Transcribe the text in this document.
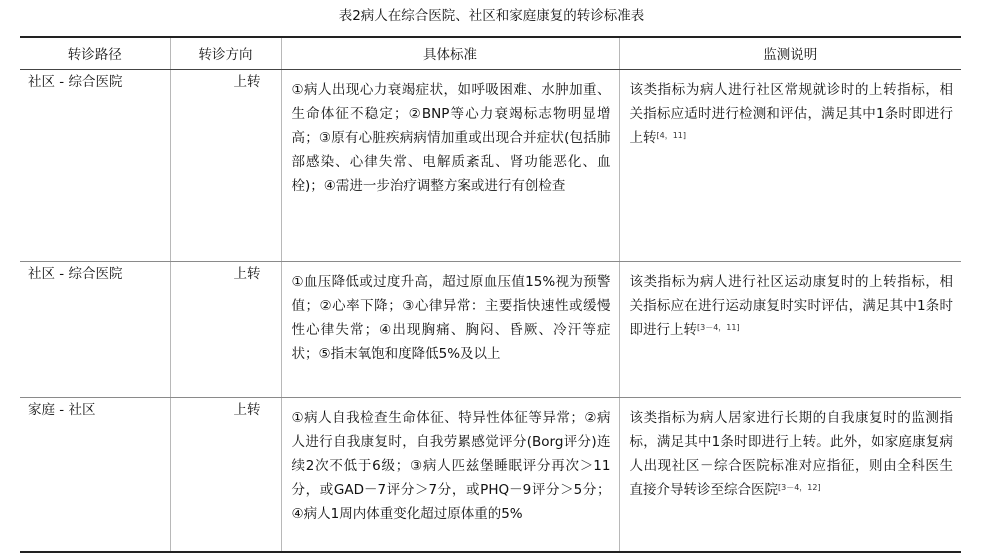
表2病人在综合医院、社区和家庭康复的转诊标准表
转诊路径	转诊方向	具体标准	监测说明

社区 - 综合医院	上转	①病人出现心力衰竭症状，如呼吸困难、水肿加重、生命体征不稳定；②BNP等心力衰竭标志物明显增高；③原有心脏疾病病情加重或出现合并症状(包括肺部感染、心律失常、电解质紊乱、肾功能恶化、血栓)；④需进一步治疗调整方案或进行有创检查	该类指标为病人进行社区常规就诊时的上转指标，相关指标应适时进行检测和评估，满足其中1条时即进行上转[4，11]

社区 - 综合医院	上转	①血压降低或过度升高，超过原血压值15%视为预警值；②心率下降；③心律异常：主要指快速性或缓慢性心律失常；④出现胸痛、胸闷、昏厥、冷汗等症状；⑤指末氧饱和度降低5%及以上	该类指标为病人进行社区运动康复时的上转指标，相关指标应在进行运动康复时实时评估，满足其中1条时即进行上转[3－4，11]

家庭 - 社区	上转	①病人自我检查生命体征、特异性体征等异常；②病人进行自我康复时，自我劳累感觉评分(Borg评分)连续2次不低于6级；③病人匹兹堡睡眠评分再次＞11分，或GAD－7评分＞7分，或PHQ－9评分＞5分；④病人1周内体重变化超过原体重的5%	该类指标为病人居家进行长期的自我康复时的监测指标，满足其中1条时即进行上转。此外，如家庭康复病人出现社区－综合医院标准对应指征，则由全科医生直接介导转诊至综合医院[3－4，12]
